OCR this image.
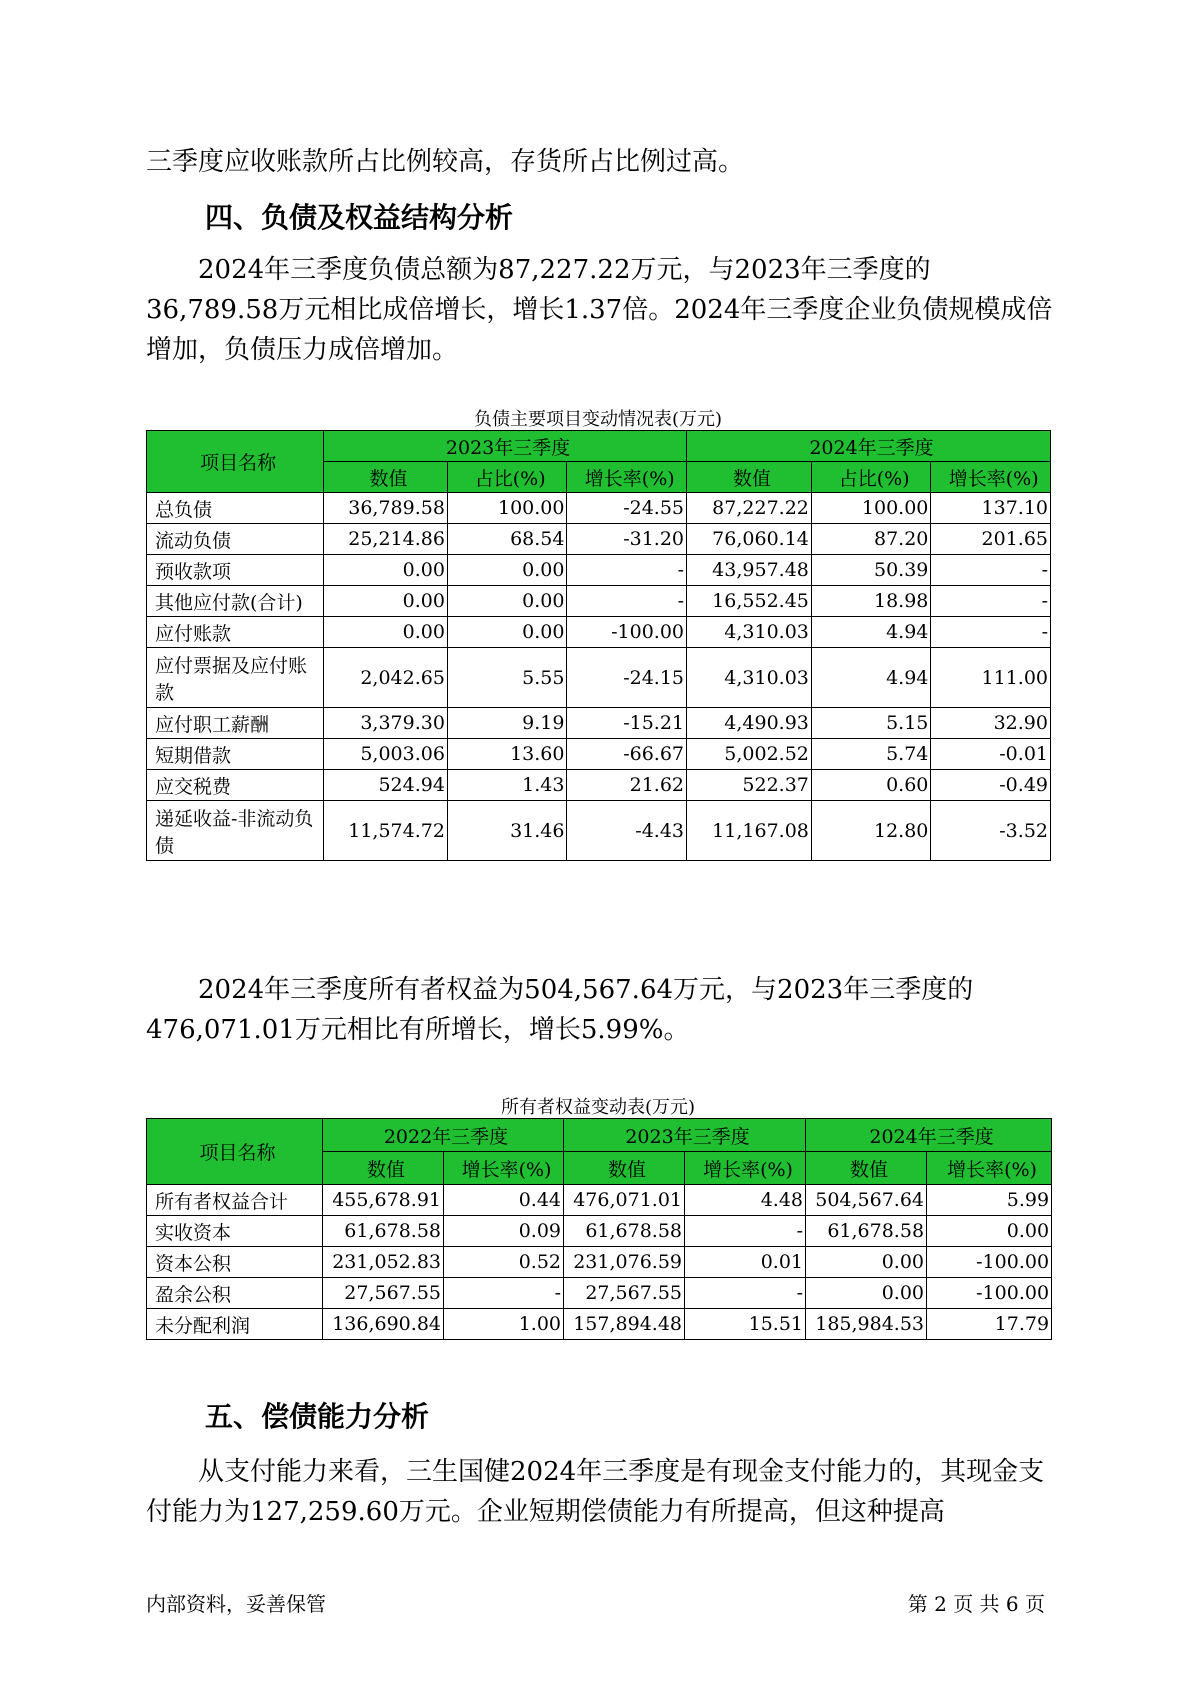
三季度应收账款所占比例较高，存货所占比例过高。

四、负债及权益结构分析

2024年三季度负债总额为87,227.22万元，与2023年三季度的36,789.58万元相比成倍增长，增长1.37倍。2024年三季度企业负债规模成倍增加，负债压力成倍增加。

负债主要项目变动情况表(万元)
项目名称	2023年三季度			2024年三季度		
	数值	占比(%)	增长率(%)	数值	占比(%)	增长率(%)
总负债	36,789.58	100.00	-24.55	87,227.22	100.00	137.10
流动负债	25,214.86	68.54	-31.20	76,060.14	87.20	201.65
预收款项	0.00	0.00	-	43,957.48	50.39	-
其他应付款(合计)	0.00	0.00	-	16,552.45	18.98	-
应付账款	0.00	0.00	-100.00	4,310.03	4.94	-
应付票据及应付账款	2,042.65	5.55	-24.15	4,310.03	4.94	111.00
应付职工薪酬	3,379.30	9.19	-15.21	4,490.93	5.15	32.90
短期借款	5,003.06	13.60	-66.67	5,002.52	5.74	-0.01
应交税费	524.94	1.43	21.62	522.37	0.60	-0.49
递延收益-非流动负债	11,574.72	31.46	-4.43	11,167.08	12.80	-3.52

2024年三季度所有者权益为504,567.64万元，与2023年三季度的476,071.01万元相比有所增长，增长5.99%。

所有者权益变动表(万元)
项目名称	2022年三季度		2023年三季度		2024年三季度	
	数值	增长率(%)	数值	增长率(%)	数值	增长率(%)
所有者权益合计	455,678.91	0.44	476,071.01	4.48	504,567.64	5.99
实收资本	61,678.58	0.09	61,678.58	-	61,678.58	0.00
资本公积	231,052.83	0.52	231,076.59	0.01	0.00	-100.00
盈余公积	27,567.55	-	27,567.55	-	0.00	-100.00
未分配利润	136,690.84	1.00	157,894.48	15.51	185,984.53	17.79
五、偿债能力分析

从支付能力来看，三生国健2024年三季度是有现金支付能力的，其现金支付能力为127,259.60万元。企业短期偿债能力有所提高，但这种提高

内部资料，妥善保管	第 2 页 共 6 页
